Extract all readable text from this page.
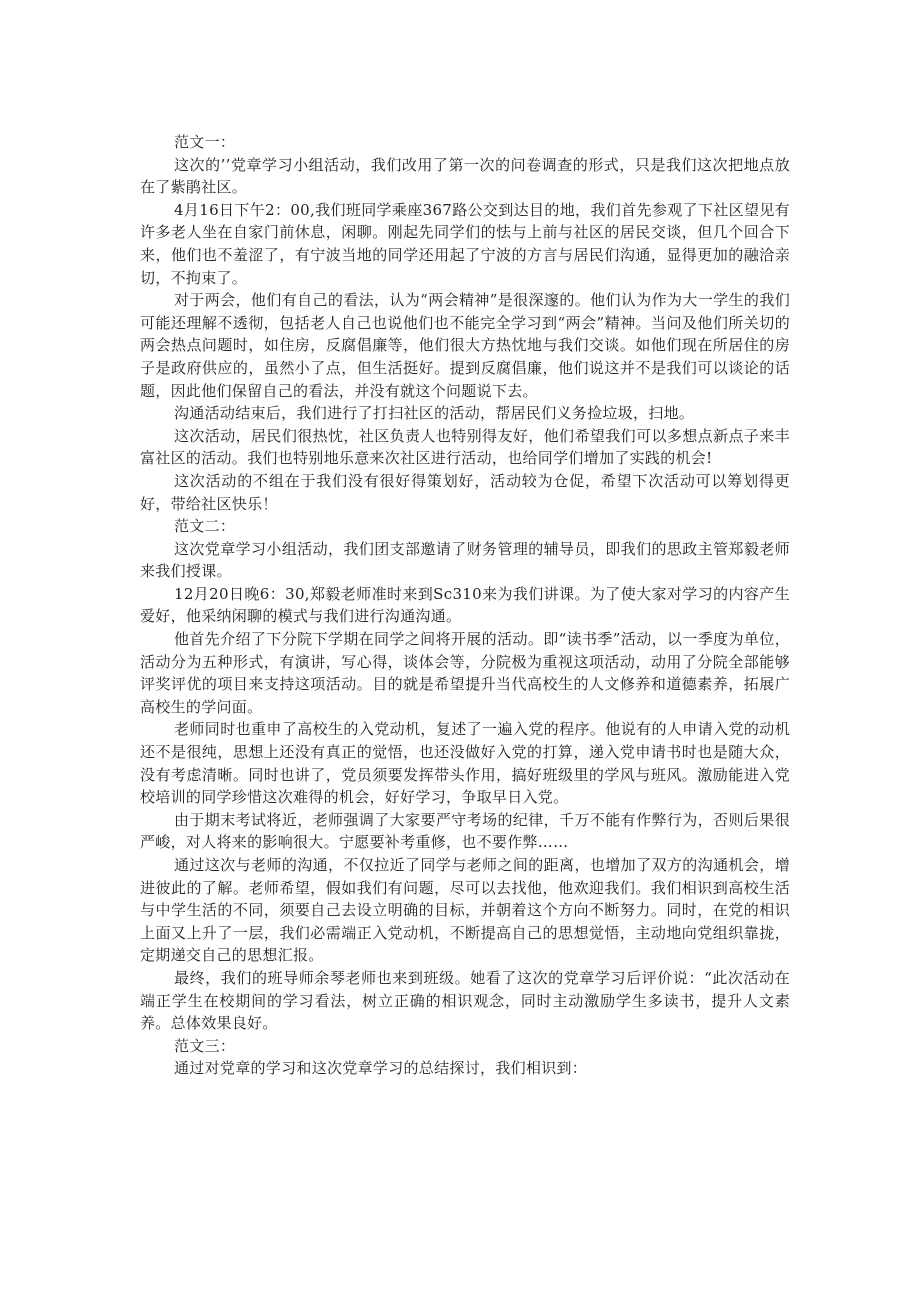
范文一：

这次的’’党章学习小组活动，我们改用了第一次的问卷调查的形式，只是我们这次把地点放在了紫鹃社区。

4月16日下午2：00,我们班同学乘座367路公交到达目的地，我们首先参观了下社区望见有许多老人坐在自家门前休息，闲聊。刚起先同学们的怯与上前与社区的居民交谈，但几个回合下来，他们也不羞涩了，有宁波当地的同学还用起了宁波的方言与居民们沟通，显得更加的融洽亲切，不拘束了。

对于两会，他们有自己的看法，认为“两会精神”是很深邃的。他们认为作为大一学生的我们可能还理解不透彻，包括老人自己也说他们也不能完全学习到“两会”精神。当问及他们所关切的两会热点问题时，如住房，反腐倡廉等，他们很大方热忱地与我们交谈。如他们现在所居住的房子是政府供应的，虽然小了点，但生活挺好。提到反腐倡廉，他们说这并不是我们可以谈论的话题，因此他们保留自己的看法，并没有就这个问题说下去。

沟通活动结束后，我们进行了打扫社区的活动，帮居民们义务捡垃圾，扫地。

这次活动，居民们很热忱，社区负责人也特别得友好，他们希望我们可以多想点新点子来丰富社区的活动。我们也特别地乐意来次社区进行活动，也给同学们增加了实践的机会!

这次活动的不组在于我们没有很好得策划好，活动较为仓促，希望下次活动可以筹划得更好，带给社区快乐！

范文二：

这次党章学习小组活动，我们团支部邀请了财务管理的辅导员，即我们的思政主管郑毅老师来我们授课。

12月20日晚6：30,郑毅老师准时来到Sc310来为我们讲课。为了使大家对学习的内容产生爱好，他采纳闲聊的模式与我们进行沟通沟通。

他首先介绍了下分院下学期在同学之间将开展的活动。即“读书季”活动，以一季度为单位，活动分为五种形式，有演讲，写心得，谈体会等，分院极为重视这项活动，动用了分院全部能够评奖评优的项目来支持这项活动。目的就是希望提升当代高校生的人文修养和道德素养，拓展广高校生的学问面。

老师同时也重申了高校生的入党动机，复述了一遍入党的程序。他说有的人申请入党的动机还不是很纯，思想上还没有真正的觉悟，也还没做好入党的打算，递入党申请书时也是随大众，没有考虑清晰。同时也讲了，党员须要发挥带头作用，搞好班级里的学风与班风。激励能进入党校培训的同学珍惜这次难得的机会，好好学习，争取早日入党。

由于期末考试将近，老师强调了大家要严守考场的纪律，千万不能有作弊行为，否则后果很严峻，对人将来的影响很大。宁愿要补考重修，也不要作弊……

通过这次与老师的沟通，不仅拉近了同学与老师之间的距离，也增加了双方的沟通机会，增进彼此的了解。老师希望，假如我们有问题，尽可以去找他，他欢迎我们。我们相识到高校生活与中学生活的不同，须要自己去设立明确的目标，并朝着这个方向不断努力。同时，在党的相识上面又上升了一层，我们必需端正入党动机，不断提高自己的思想觉悟，主动地向党组织靠拢，定期递交自己的思想汇报。

最终，我们的班导师余琴老师也来到班级。她看了这次的党章学习后评价说：“此次活动在端正学生在校期间的学习看法，树立正确的相识观念，同时主动激励学生多读书，提升人文素养。总体效果良好。

范文三：

通过对党章的学习和这次党章学习的总结探讨，我们相识到：
